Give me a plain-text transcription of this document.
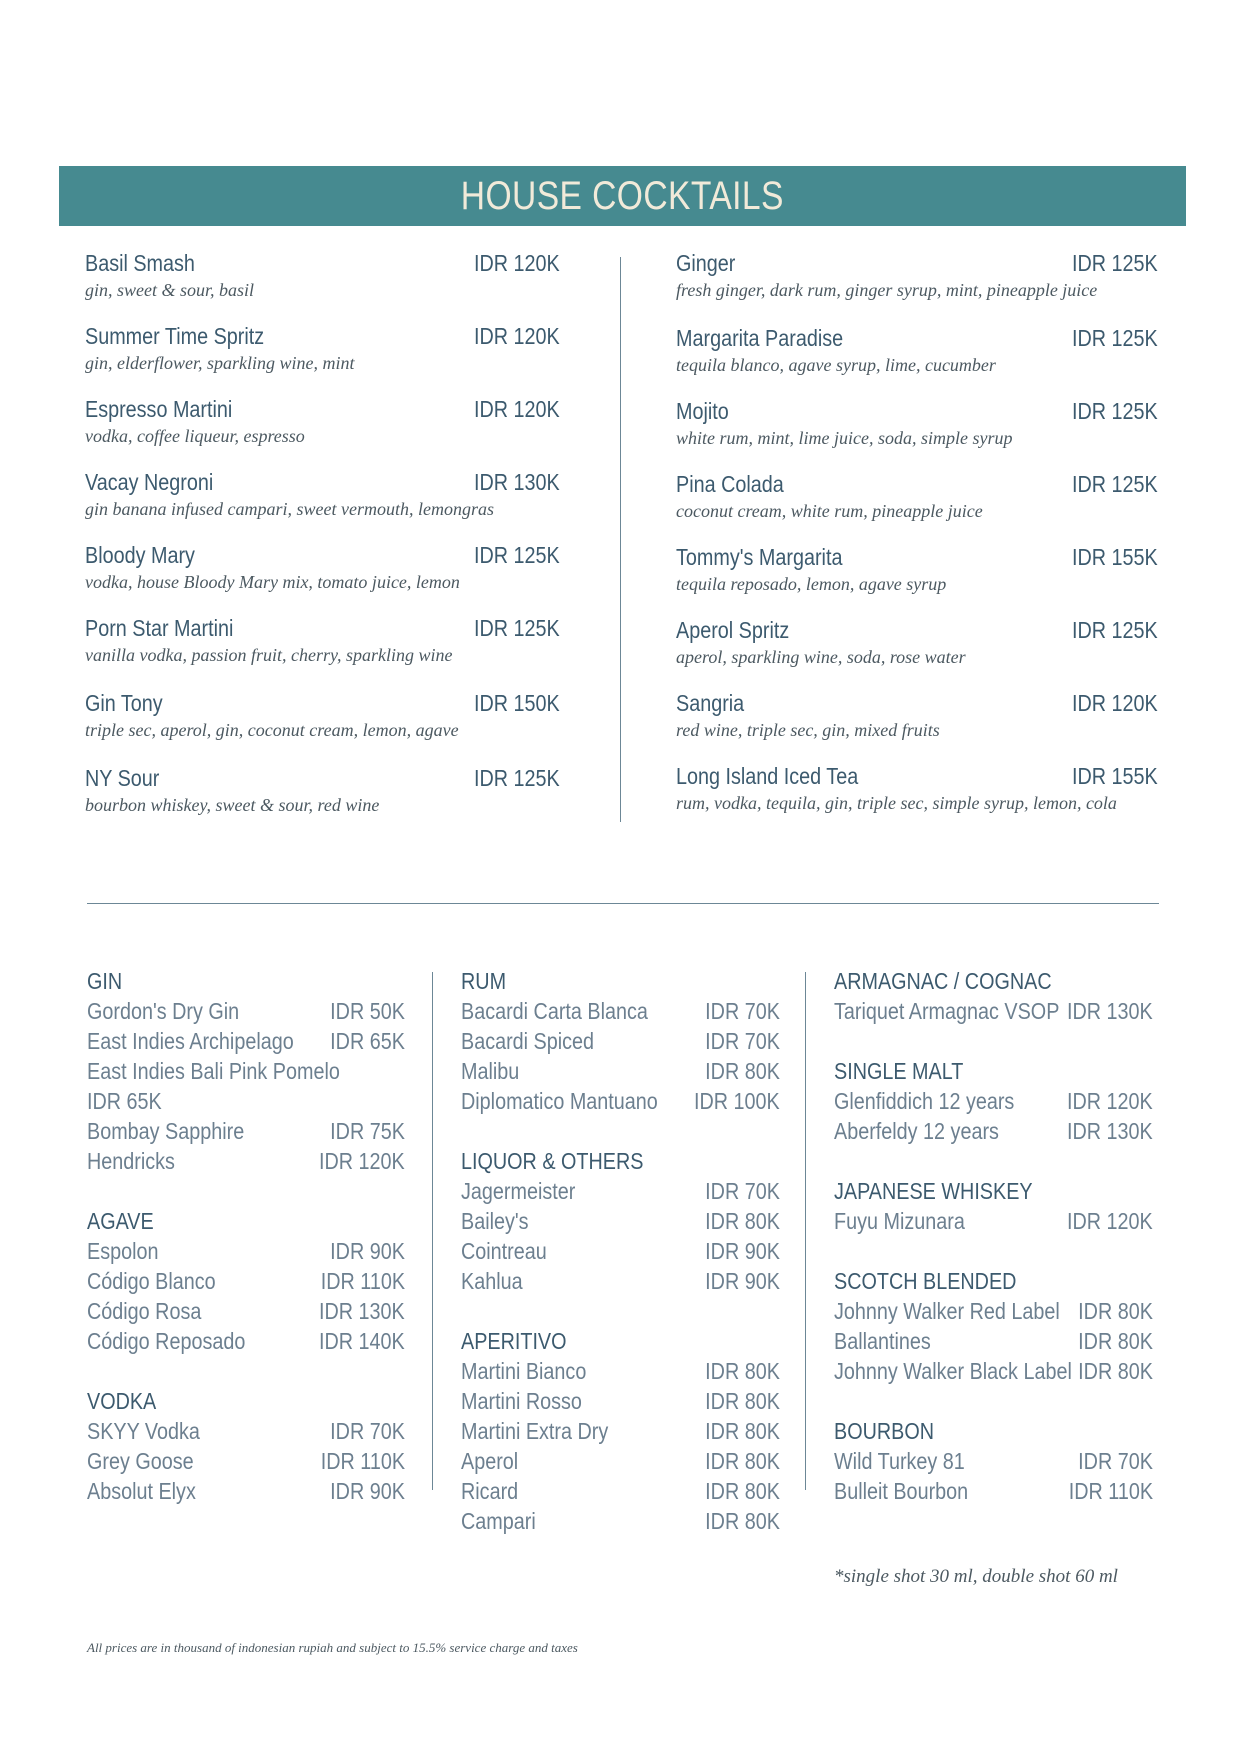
HOUSE COCKTAILS
Basil Smash	IDR 120K
gin, sweet & sour, basil
Summer Time Spritz	IDR 120K
gin, elderflower, sparkling wine, mint
Espresso Martini	IDR 120K
vodka, coffee liqueur, espresso
Vacay Negroni	IDR 130K
gin banana infused campari, sweet vermouth, lemongras
Bloody Mary	IDR 125K
vodka, house Bloody Mary mix, tomato juice, lemon
Porn Star Martini	IDR 125K
vanilla vodka, passion fruit, cherry, sparkling wine
Gin Tony	IDR 150K
triple sec, aperol, gin, coconut cream, lemon, agave
NY Sour	IDR 125K
bourbon whiskey, sweet & sour, red wine
Ginger	IDR 125K
fresh ginger, dark rum, ginger syrup, mint, pineapple juice
Margarita Paradise	IDR 125K
tequila blanco, agave syrup, lime, cucumber
Mojito	IDR 125K
white rum, mint, lime juice, soda, simple syrup
Pina Colada	IDR 125K
coconut cream, white rum, pineapple juice
Tommy's Margarita	IDR 155K
tequila reposado, lemon, agave syrup
Aperol Spritz	IDR 125K
aperol, sparkling wine, soda, rose water
Sangria	IDR 120K
red wine, triple sec, gin, mixed fruits
Long Island Iced Tea	IDR 155K
rum, vodka, tequila, gin, triple sec, simple syrup, lemon, cola
GIN
Gordon's Dry Gin	IDR 50K
East Indies Archipelago IDR 65K
East Indies Bali Pink Pomelo
IDR 65K
Bombay Sapphire	IDR 75K
Hendricks	IDR 120K
AGAVE
Espolon	IDR 90K
Código Blanco	IDR 110K
Código Rosa	IDR 130K
Código Reposado	IDR 140K
VODKA
SKYY Vodka	IDR 70K
Grey Goose	IDR 110K
Absolut Elyx	IDR 90K
RUM
Bacardi Carta Blanca IDR 70K
Bacardi Spiced	IDR 70K
Malibu	IDR 80K
Diplomatico Mantuano IDR 100K
LIQUOR & OTHERS
Jagermeister	IDR 70K
Bailey's	IDR 80K
Cointreau	IDR 90K
Kahlua	IDR 90K
APERITIVO
Martini Bianco	IDR 80K
Martini Rosso	IDR 80K
Martini Extra Dry	IDR 80K
Aperol	IDR 80K
Ricard	IDR 80K
Campari	IDR 80K
ARMAGNAC / COGNAC
Tariquet Armagnac VSOP IDR 130K
SINGLE MALT
Glenfiddich 12 years IDR 120K
Aberfeldy 12 years	IDR 130K
JAPANESE WHISKEY
Fuyu Mizunara	IDR 120K
SCOTCH BLENDED
Johnny Walker Red Label IDR 80K
Ballantines	IDR 80K
Johnny Walker Black Label IDR 80K
BOURBON
Wild Turkey 81	IDR 70K
Bulleit Bourbon	IDR 110K
*single shot 30 ml, double shot 60 ml
All prices are in thousand of indonesian rupiah and subject to 15.5% service charge and taxes
